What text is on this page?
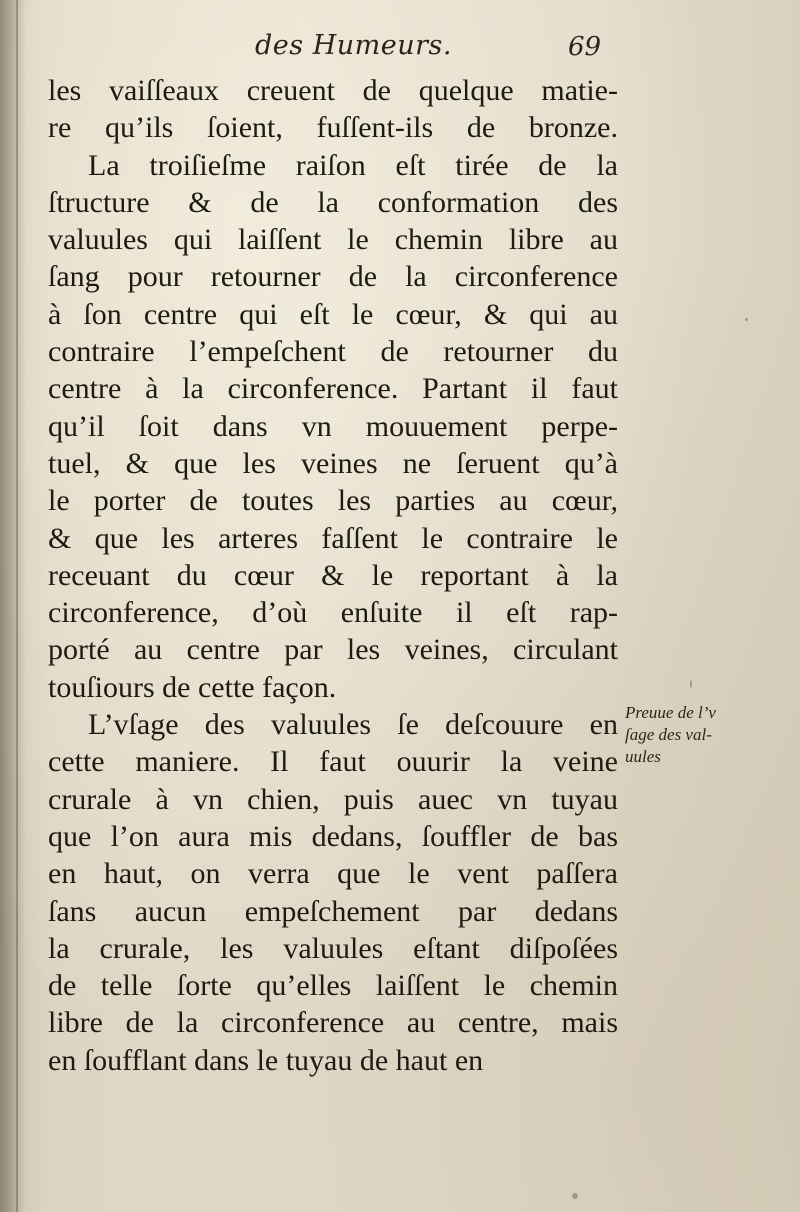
des Humeurs.	69
les vaiſſeaux creuent de quelque matie-
re qu’ils ſoient, fuſſent-ils de bronze.
La troiſieſme raiſon eſt tirée de la
ſtructure & de la conformation des
valuules qui laiſſent le chemin libre au
ſang pour retourner de la circonference
à ſon centre qui eſt le cœur, & qui au
contraire l’empeſchent de retourner du
centre à la circonference. Partant il faut
qu’il ſoit dans vn mouuement perpe-
tuel, & que les veines ne ſeruent qu’à
le porter de toutes les parties au cœur,
& que les arteres faſſent le contraire le
receuant du cœur & le reportant à la
circonference, d’où enſuite il eſt rap-
porté au centre par les veines, circulant
touſiours de cette façon.
L’vſage des valuules ſe deſcouure en
cette maniere. Il faut ouurir la veine
crurale à vn chien, puis auec vn tuyau
que l’on aura mis dedans, ſouffler de bas
en haut, on verra que le vent paſſera
ſans aucun empeſchement par dedans
la crurale, les valuules eſtant diſpoſées
de telle ſorte qu’elles laiſſent le chemin
libre de la circonference au centre, mais
en ſoufflant dans le tuyau de haut en
Preuue de l’v
ſage des val-
uules
